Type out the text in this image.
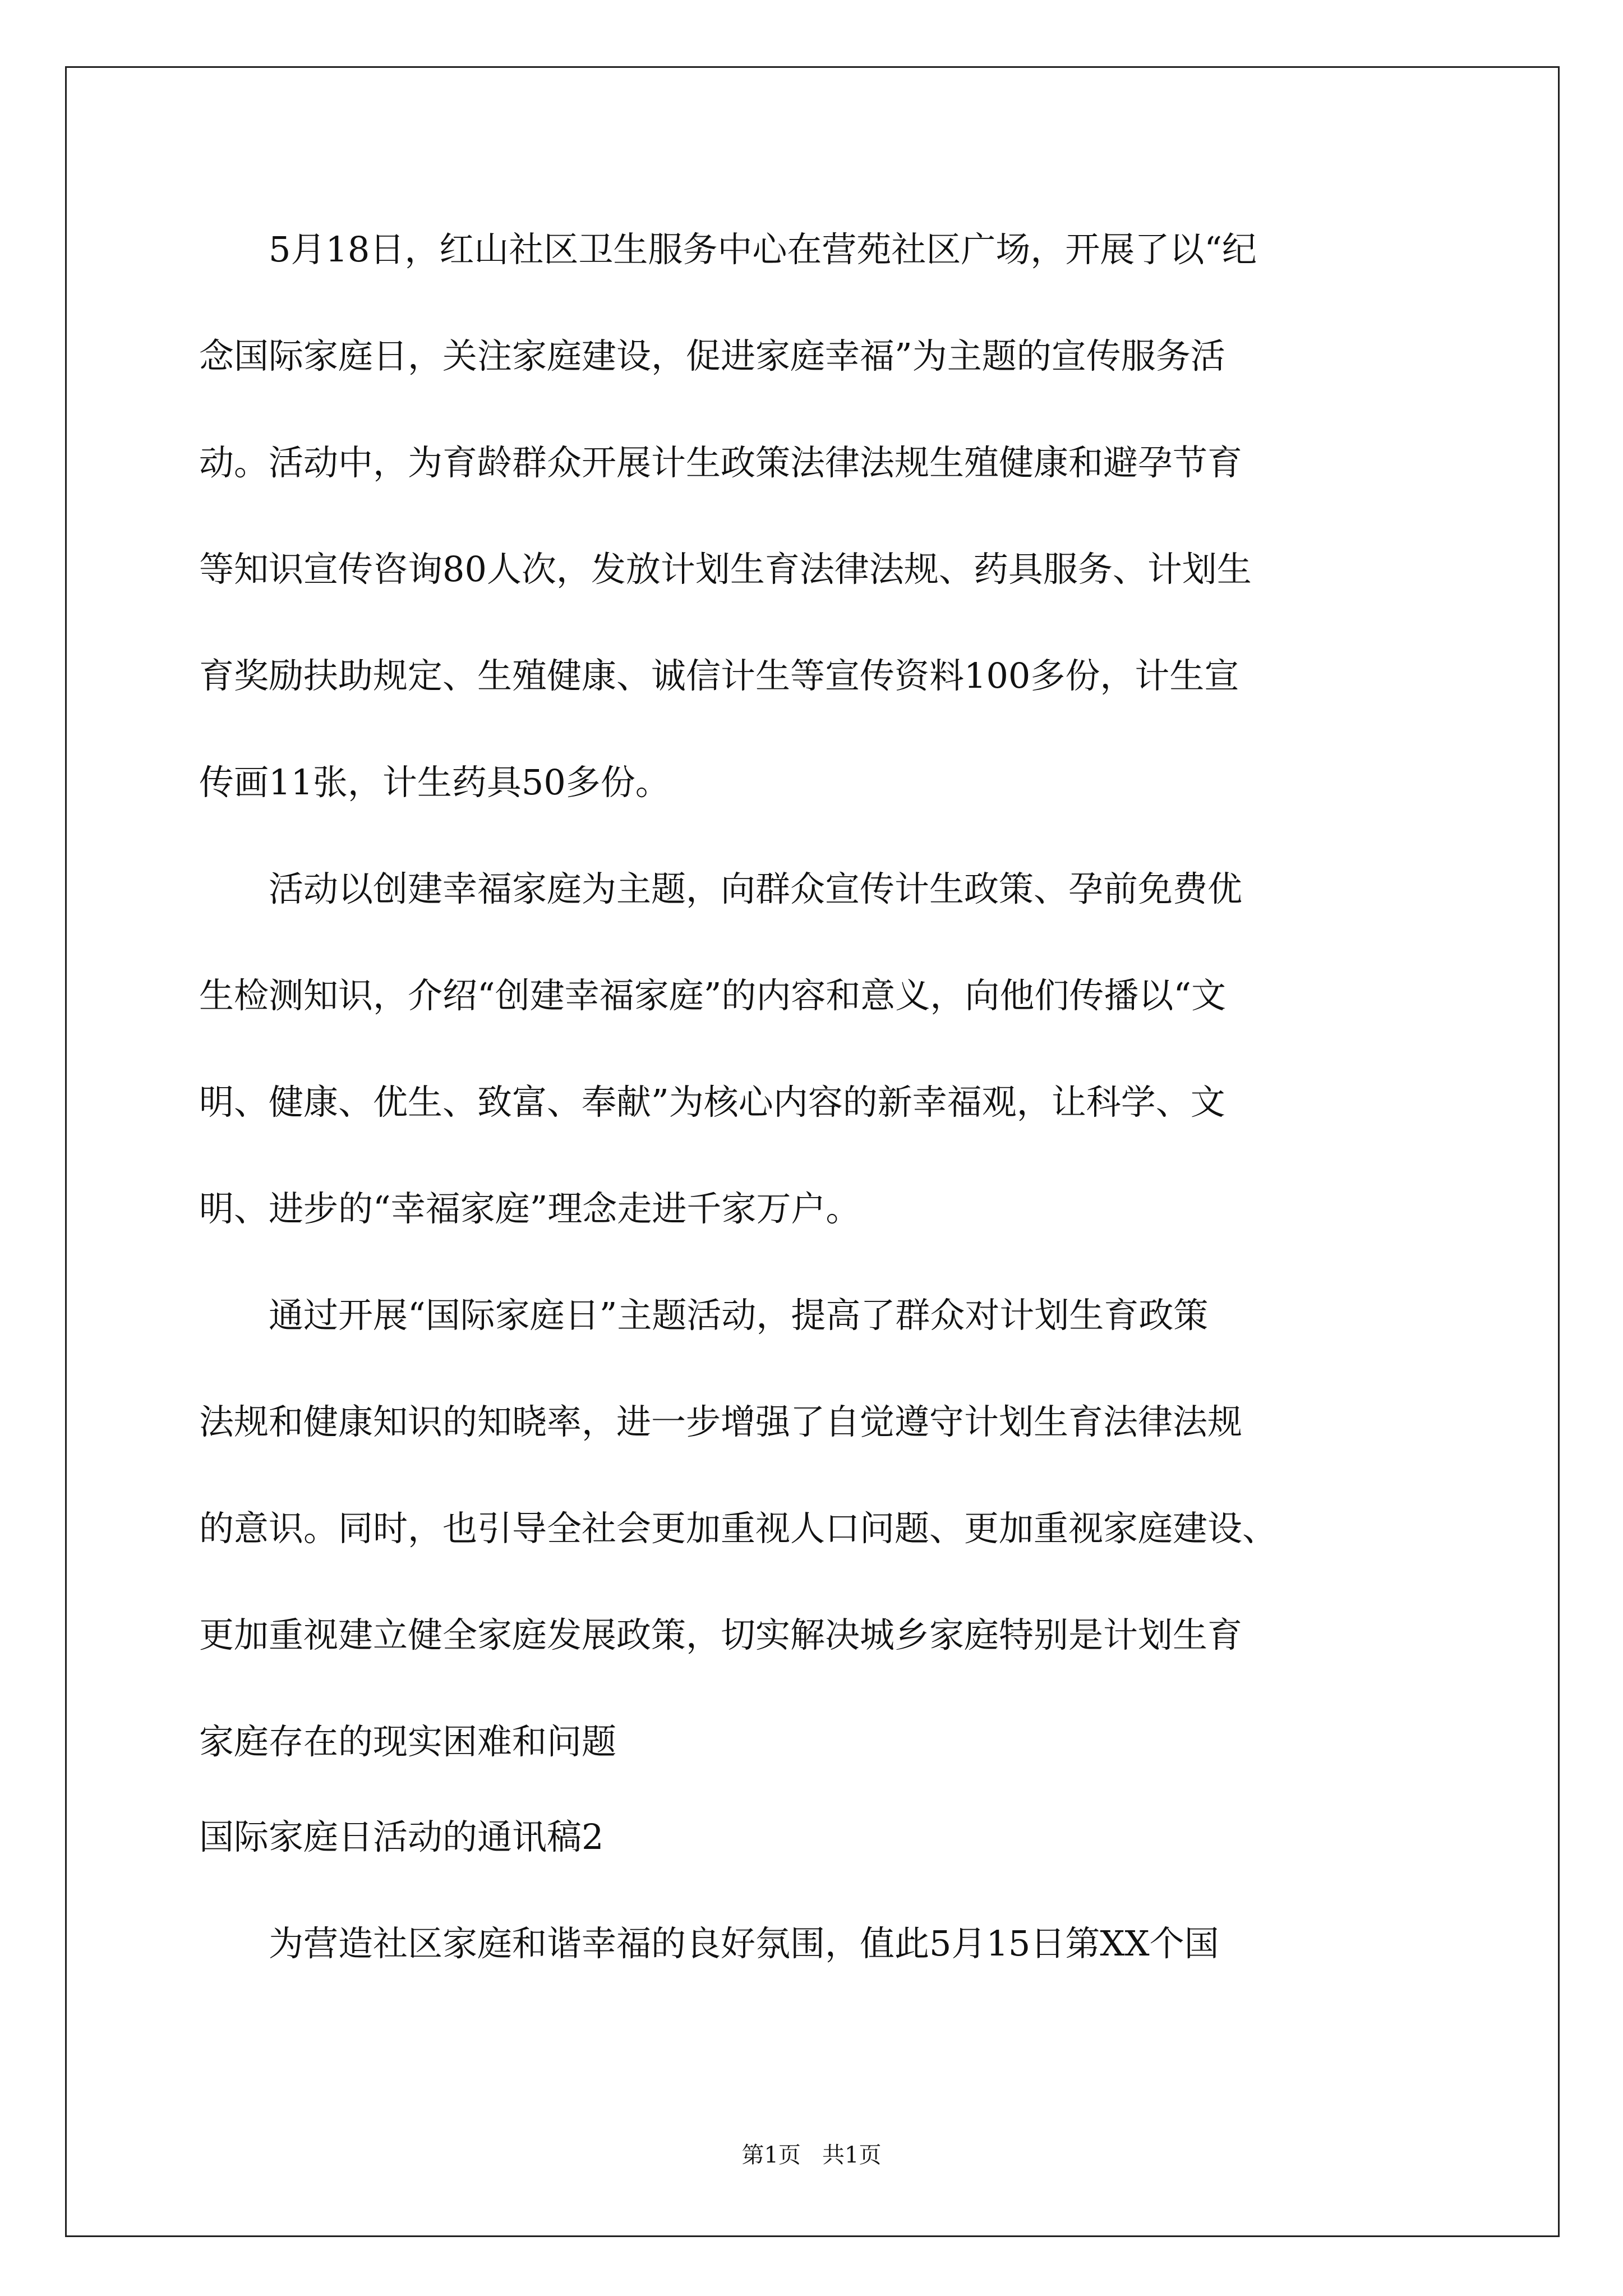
　　5月18日，红山社区卫生服务中心在营苑社区广场，开展了以“纪
念国际家庭日，关注家庭建设，促进家庭幸福”为主题的宣传服务活
动。活动中，为育龄群众开展计生政策法律法规生殖健康和避孕节育
等知识宣传咨询80人次，发放计划生育法律法规、药具服务、计划生
育奖励扶助规定、生殖健康、诚信计生等宣传资料100多份，计生宣
传画11张，计生药具50多份。
　　活动以创建幸福家庭为主题，向群众宣传计生政策、孕前免费优
生检测知识，介绍“创建幸福家庭”的内容和意义，向他们传播以“文
明、健康、优生、致富、奉献”为核心内容的新幸福观，让科学、文
明、进步的“幸福家庭”理念走进千家万户。
　　通过开展“国际家庭日”主题活动，提高了群众对计划生育政策
法规和健康知识的知晓率，进一步增强了自觉遵守计划生育法律法规
的意识。同时，也引导全社会更加重视人口问题、更加重视家庭建设、
更加重视建立健全家庭发展政策，切实解决城乡家庭特别是计划生育
家庭存在的现实困难和问题
国际家庭日活动的通讯稿2
　　为营造社区家庭和谐幸福的良好氛围，值此5月15日第XX个国
第1页   共1页
